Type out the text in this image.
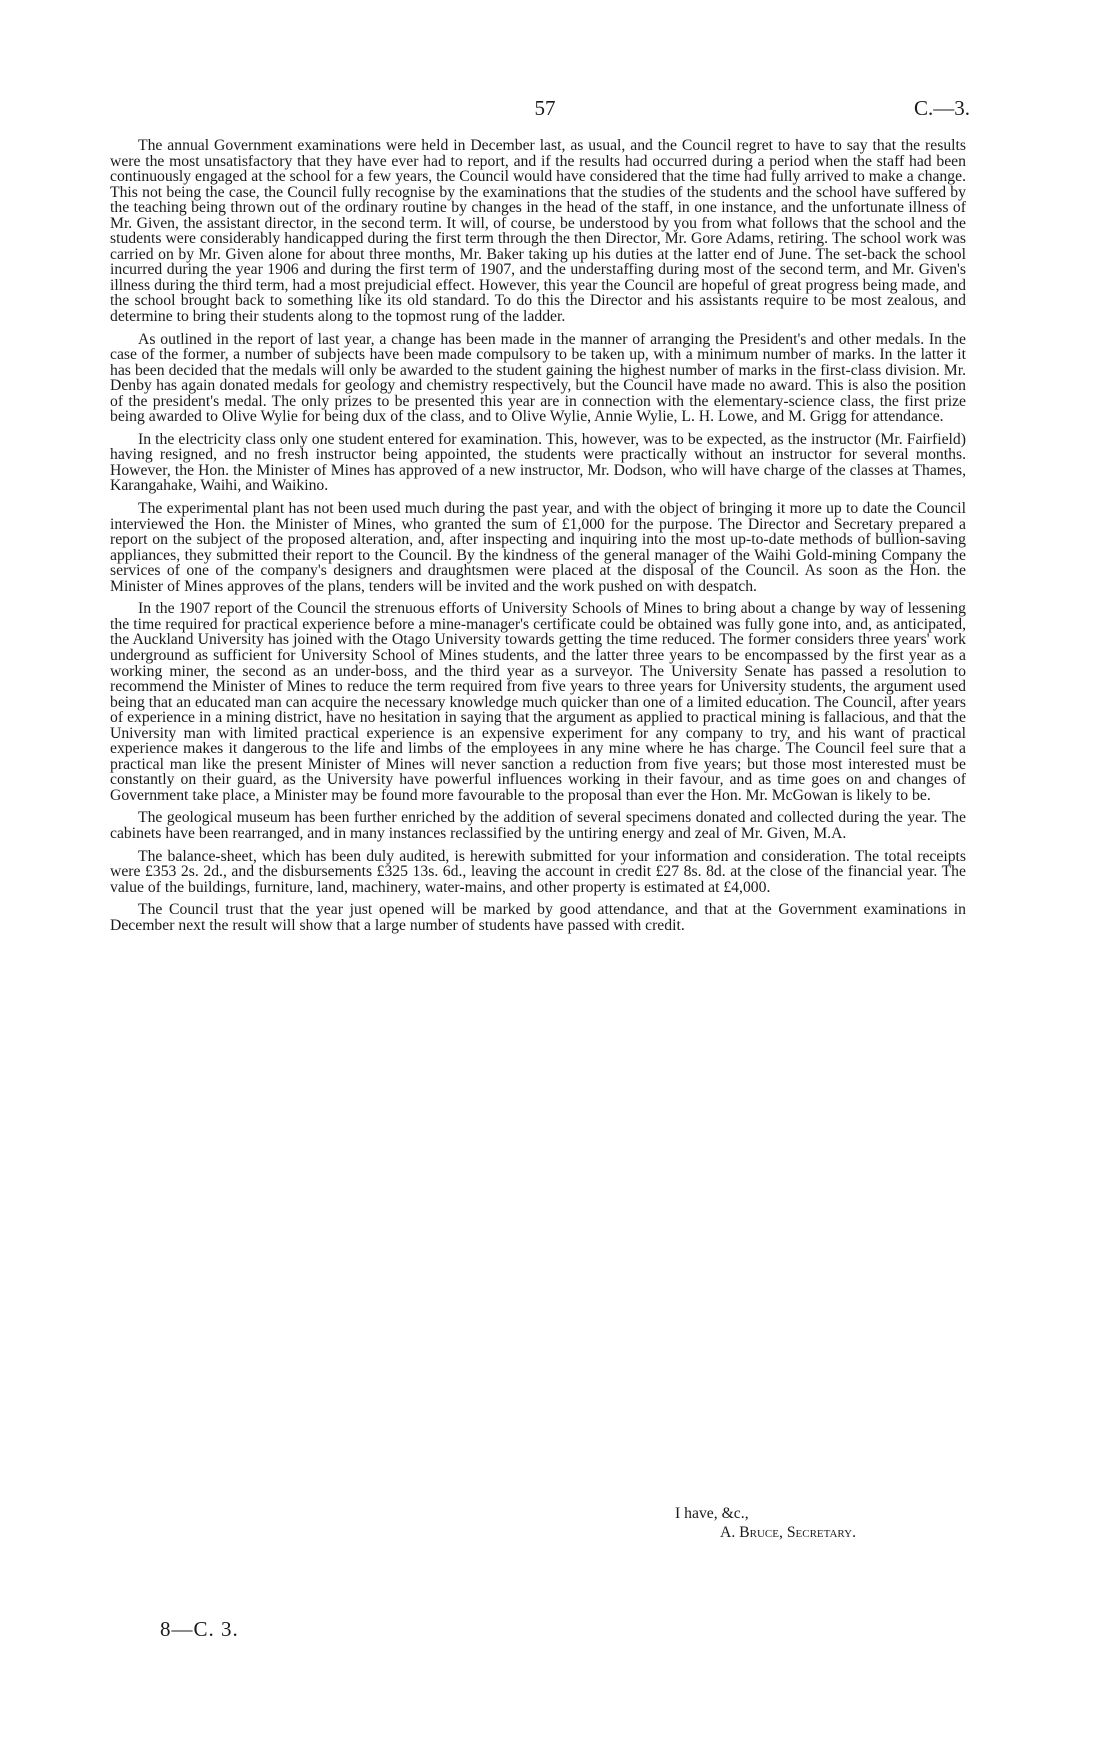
57	C.—3.

The annual Government examinations were held in December last, as usual, and the Council regret to have to say that the results were the most unsatisfactory that they have ever had to report, and if the results had occurred during a period when the staff had been continuously engaged at the school for a few years, the Council would have considered that the time had fully arrived to make a change. This not being the case, the Council fully recognise by the examinations that the studies of the students and the school have suffered by the teaching being thrown out of the ordinary routine by changes in the head of the staff, in one instance, and the unfortunate illness of Mr. Given, the assistant director, in the second term. It will, of course, be understood by you from what follows that the school and the students were considerably handicapped during the first term through the then Director, Mr. Gore Adams, retiring. The school work was carried on by Mr. Given alone for about three months, Mr. Baker taking up his duties at the latter end of June. The set-back the school incurred during the year 1906 and during the first term of 1907, and the understaffing during most of the second term, and Mr. Given's illness during the third term, had a most prejudicial effect. However, this year the Council are hopeful of great progress being made, and the school brought back to something like its old standard. To do this the Director and his assistants require to be most zealous, and determine to bring their students along to the topmost rung of the ladder.

As outlined in the report of last year, a change has been made in the manner of arranging the President's and other medals. In the case of the former, a number of subjects have been made compulsory to be taken up, with a minimum number of marks. In the latter it has been decided that the medals will only be awarded to the student gaining the highest number of marks in the first-class division. Mr. Denby has again donated medals for geology and chemistry respectively, but the Council have made no award. This is also the position of the president's medal. The only prizes to be presented this year are in connection with the elementary-science class, the first prize being awarded to Olive Wylie for being dux of the class, and to Olive Wylie, Annie Wylie, L. H. Lowe, and M. Grigg for attendance.

In the electricity class only one student entered for examination. This, however, was to be expected, as the instructor (Mr. Fairfield) having resigned, and no fresh instructor being appointed, the students were practically without an instructor for several months. However, the Hon. the Minister of Mines has approved of a new instructor, Mr. Dodson, who will have charge of the classes at Thames, Karangahake, Waihi, and Waikino.

The experimental plant has not been used much during the past year, and with the object of bringing it more up to date the Council interviewed the Hon. the Minister of Mines, who granted the sum of £1,000 for the purpose. The Director and Secretary prepared a report on the subject of the proposed alteration, and, after inspecting and inquiring into the most up-to-date methods of bullion-saving appliances, they submitted their report to the Council. By the kindness of the general manager of the Waihi Gold-mining Company the services of one of the company's designers and draughtsmen were placed at the disposal of the Council. As soon as the Hon. the Minister of Mines approves of the plans, tenders will be invited and the work pushed on with despatch.

In the 1907 report of the Council the strenuous efforts of University Schools of Mines to bring about a change by way of lessening the time required for practical experience before a mine-manager's certificate could be obtained was fully gone into, and, as anticipated, the Auckland University has joined with the Otago University towards getting the time reduced. The former considers three years' work underground as sufficient for University School of Mines students, and the latter three years to be encompassed by the first year as a working miner, the second as an under-boss, and the third year as a surveyor. The University Senate has passed a resolution to recommend the Minister of Mines to reduce the term required from five years to three years for University students, the argument used being that an educated man can acquire the necessary knowledge much quicker than one of a limited education. The Council, after years of experience in a mining district, have no hesitation in saying that the argument as applied to practical mining is fallacious, and that the University man with limited practical experience is an expensive experiment for any company to try, and his want of practical experience makes it dangerous to the life and limbs of the employees in any mine where he has charge. The Council feel sure that a practical man like the present Minister of Mines will never sanction a reduction from five years; but those most interested must be constantly on their guard, as the University have powerful influences working in their favour, and as time goes on and changes of Government take place, a Minister may be found more favourable to the proposal than ever the Hon. Mr. McGowan is likely to be.

The geological museum has been further enriched by the addition of several specimens donated and collected during the year. The cabinets have been rearranged, and in many instances reclassified by the untiring energy and zeal of Mr. Given, M.A.

The balance-sheet, which has been duly audited, is herewith submitted for your information and consideration. The total receipts were £353 2s. 2d., and the disbursements £325 13s. 6d., leaving the account in credit £27 8s. 8d. at the close of the financial year. The value of the buildings, furniture, land, machinery, water-mains, and other property is estimated at £4,000.

The Council trust that the year just opened will be marked by good attendance, and that at the Government examinations in December next the result will show that a large number of students have passed with credit.

I have, &c.,
A. Bruce, Secretary.
8—C. 3.
